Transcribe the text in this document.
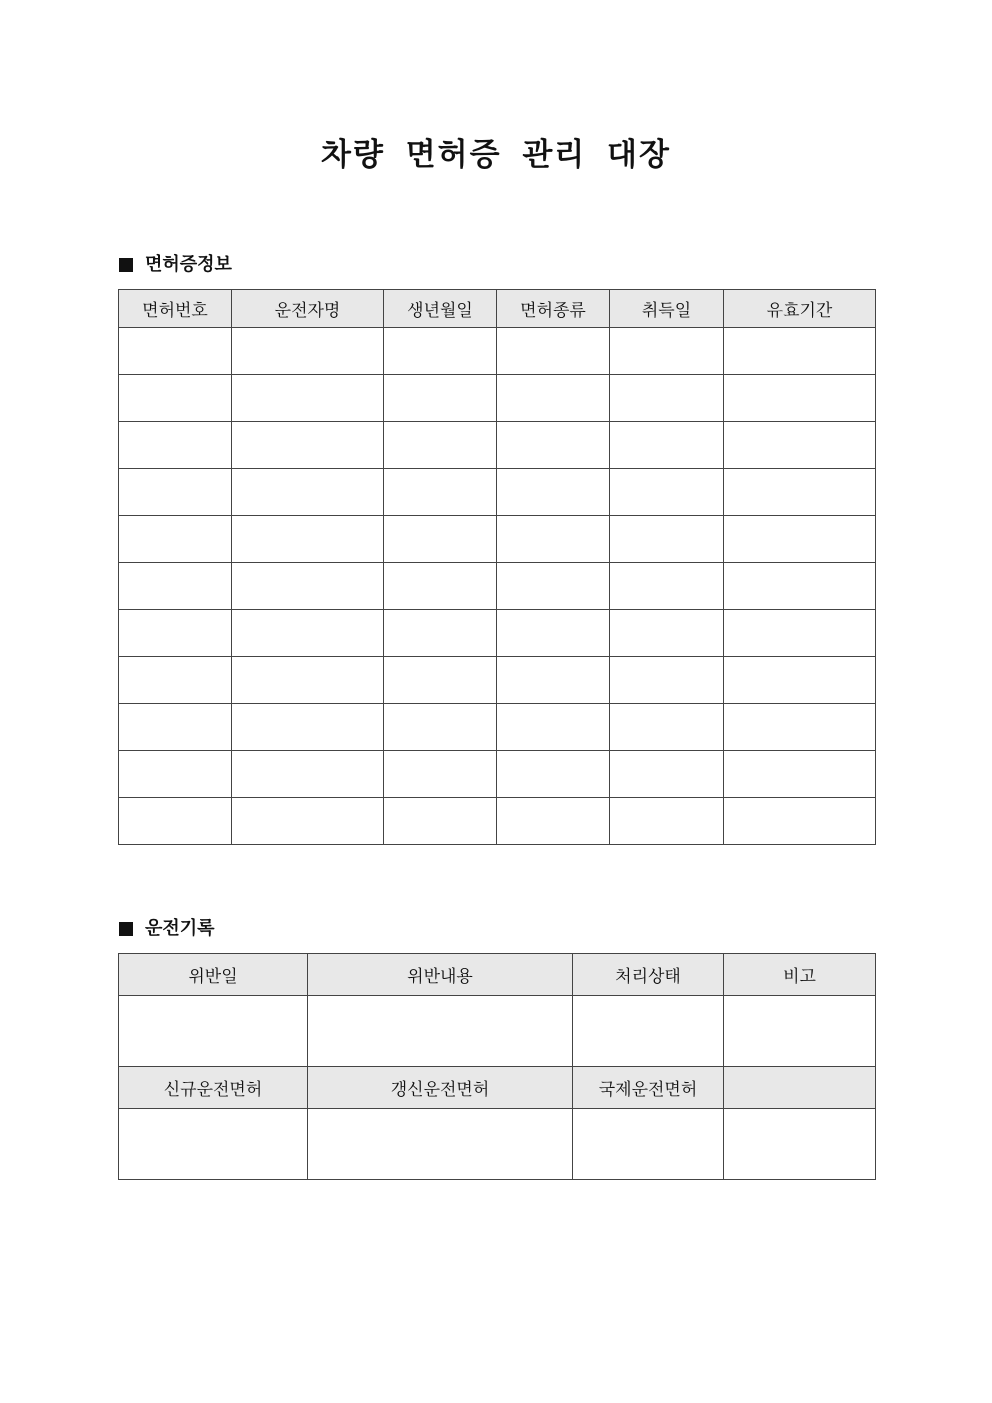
차량 면허증 관리 대장
면허증정보
면허번호	운전자명	생년월일	면허종류	취득일	유효기간

운전기록
위반일	위반내용	처리상태	비고

신규운전면허	갱신운전면허	국제운전면허	
